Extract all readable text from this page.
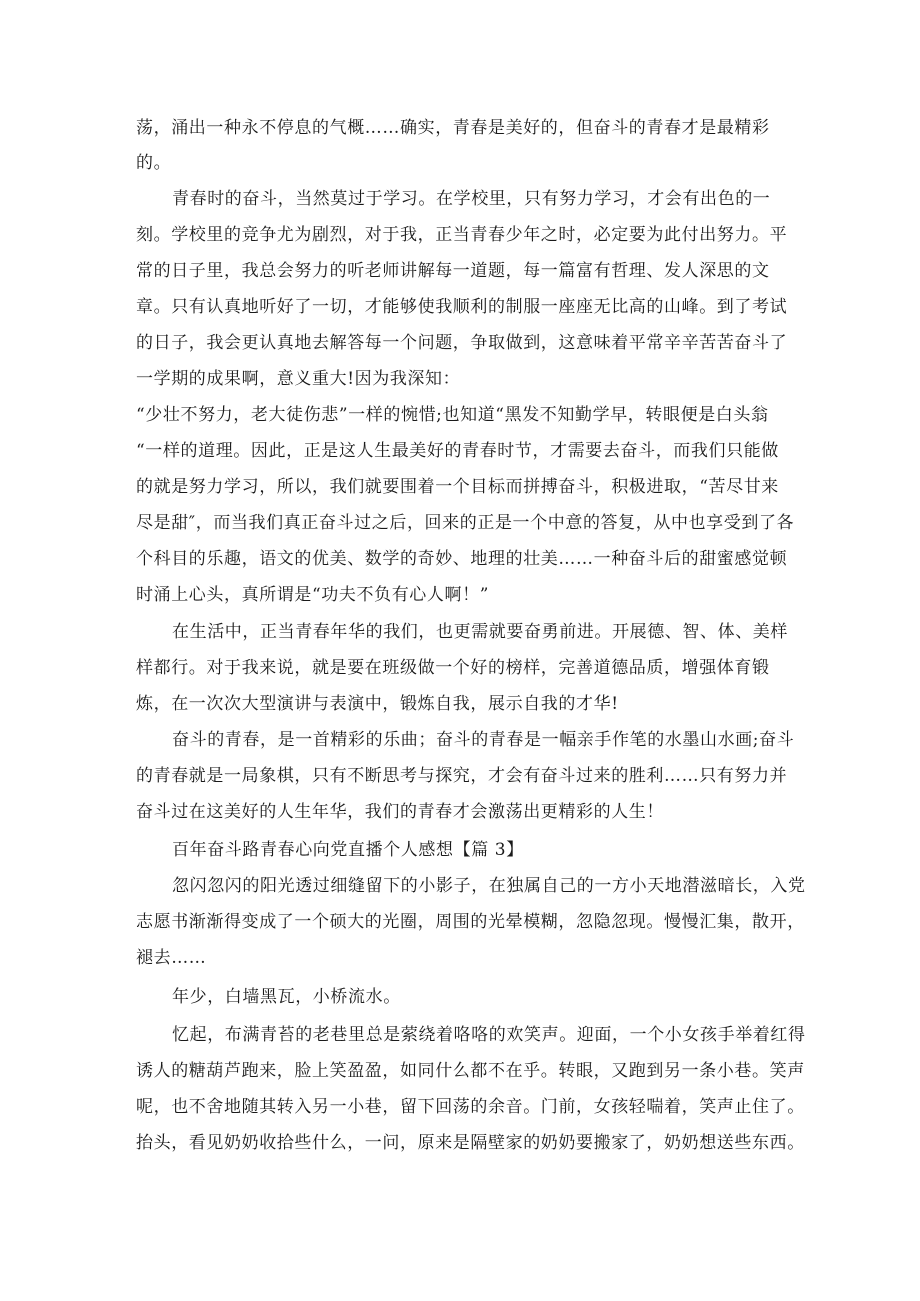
荡，涌出一种永不停息的气概……确实，青春是美好的，但奋斗的青春才是最精彩
的。
青春时的奋斗，当然莫过于学习。在学校里，只有努力学习，才会有出色的一
刻。学校里的竞争尤为剧烈，对于我，正当青春少年之时，必定要为此付出努力。平
常的日子里，我总会努力的听老师讲解每一道题，每一篇富有哲理、发人深思的文
章。只有认真地听好了一切，才能够使我顺利的制服一座座无比高的山峰。到了考试
的日子，我会更认真地去解答每一个问题，争取做到，这意味着平常辛辛苦苦奋斗了
一学期的成果啊，意义重大!因为我深知：
“少壮不努力，老大徒伤悲”一样的惋惜;也知道“黑发不知勤学早，转眼便是白头翁
“一样的道理。因此，正是这人生最美好的青春时节，才需要去奋斗，而我们只能做
的就是努力学习，所以，我们就要围着一个目标而拼搏奋斗，积极进取，“苦尽甘来
尽是甜″，而当我们真正奋斗过之后，回来的正是一个中意的答复，从中也享受到了各
个科目的乐趣，语文的优美、数学的奇妙、地理的壮美……一种奋斗后的甜蜜感觉顿
时涌上心头，真所谓是“功夫不负有心人啊！”
在生活中，正当青春年华的我们，也更需就要奋勇前进。开展德、智、体、美样
样都行。对于我来说，就是要在班级做一个好的榜样，完善道德品质，增强体育锻
炼，在一次次大型演讲与表演中，锻炼自我，展示自我的才华!
奋斗的青春，是一首精彩的乐曲；奋斗的青春是一幅亲手作笔的水墨山水画;奋斗
的青春就是一局象棋，只有不断思考与探究，才会有奋斗过来的胜利……只有努力并
奋斗过在这美好的人生年华，我们的青春才会激荡出更精彩的人生！
百年奋斗路青春心向党直播个人感想【篇 3】
忽闪忽闪的阳光透过细缝留下的小影子，在独属自己的一方小天地潜滋暗长，入党
志愿书渐渐得变成了一个硕大的光圈，周围的光晕模糊，忽隐忽现。慢慢汇集，散开，
褪去……
年少，白墙黑瓦，小桥流水。
忆起，布满青苔的老巷里总是萦绕着咯咯的欢笑声。迎面，一个小女孩手举着红得
诱人的糖葫芦跑来，脸上笑盈盈，如同什么都不在乎。转眼，又跑到另一条小巷。笑声
呢，也不舍地随其转入另一小巷，留下回荡的余音。门前，女孩轻喘着，笑声止住了。
抬头，看见奶奶收拾些什么，一问，原来是隔壁家的奶奶要搬家了，奶奶想送些东西。
